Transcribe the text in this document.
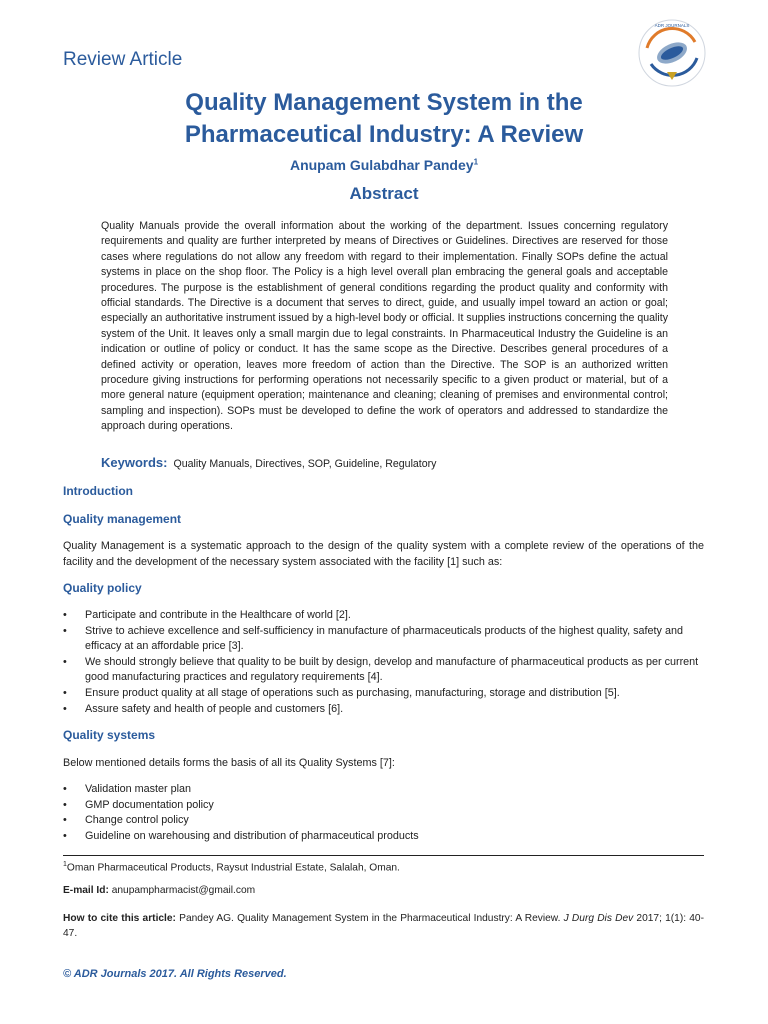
Review Article
ADR JOURNALS
Quality Management System in the
Pharmaceutical Industry: A Review
Anupam Gulabdhar Pandey$^1$
Abstract
Quality Manuals provide the overall information about the working of the department. Issues concerning regulatory requirements and quality are further interpreted by means of Directives or Guidelines. Directives are reserved for those cases where regulations do not allow any freedom with regard to their implementation. Finally SOPs define the actual systems in place on the shop floor. The Policy is a high level overall plan embracing the general goals and acceptable procedures. The purpose is the establishment of general conditions regarding the product quality and conformity with official standards. The Directive is a document that serves to direct, guide, and usually impel toward an action or goal; especially an authoritative instrument issued by a high-level body or official. It supplies instructions concerning the quality system of the Unit. It leaves only a small margin due to legal constraints. In Pharmaceutical Industry the Guideline is an indication or outline of policy or conduct. It has the same scope as the Directive. Describes general procedures of a defined activity or operation, leaves more freedom of action than the Directive. The SOP is an authorized written procedure giving instructions for performing operations not necessarily specific to a given product or material, but of a more general nature (equipment operation; maintenance and cleaning; cleaning of premises and environmental control; sampling and inspection). SOPs must be developed to define the work of operators and addressed to standardize the approach during operations.
Keywords: Quality Manuals, Directives, SOP, Guideline, Regulatory
Introduction
Quality management
Quality Management is a systematic approach to the design of the quality system with a complete review of the operations of the facility and the development of the necessary system associated with the facility [1] such as:
Quality policy
• Participate and contribute in the Healthcare of world [2].
• Strive to achieve excellence and self-sufficiency in manufacture of pharmaceuticals products of the highest quality, safety and efficacy at an affordable price [3].
• We should strongly believe that quality to be built by design, develop and manufacture of pharmaceutical products as per current good manufacturing practices and regulatory requirements [4].
• Ensure product quality at all stage of operations such as purchasing, manufacturing, storage and distribution [5].
• Assure safety and health of people and customers [6].
Quality systems
Below mentioned details forms the basis of all its Quality Systems [7]:
• Validation master plan
• GMP documentation policy
• Change control policy
• Guideline on warehousing and distribution of pharmaceutical products
$^1$Oman Pharmaceutical Products, Raysut Industrial Estate, Salalah, Oman.
E-mail Id: anupampharmacist@gmail.com
How to cite this article: Pandey AG. Quality Management System in the Pharmaceutical Industry: A Review. J Durg Dis Dev 2017; 1(1): 40-47.
© ADR Journals 2017. All Rights Reserved.
